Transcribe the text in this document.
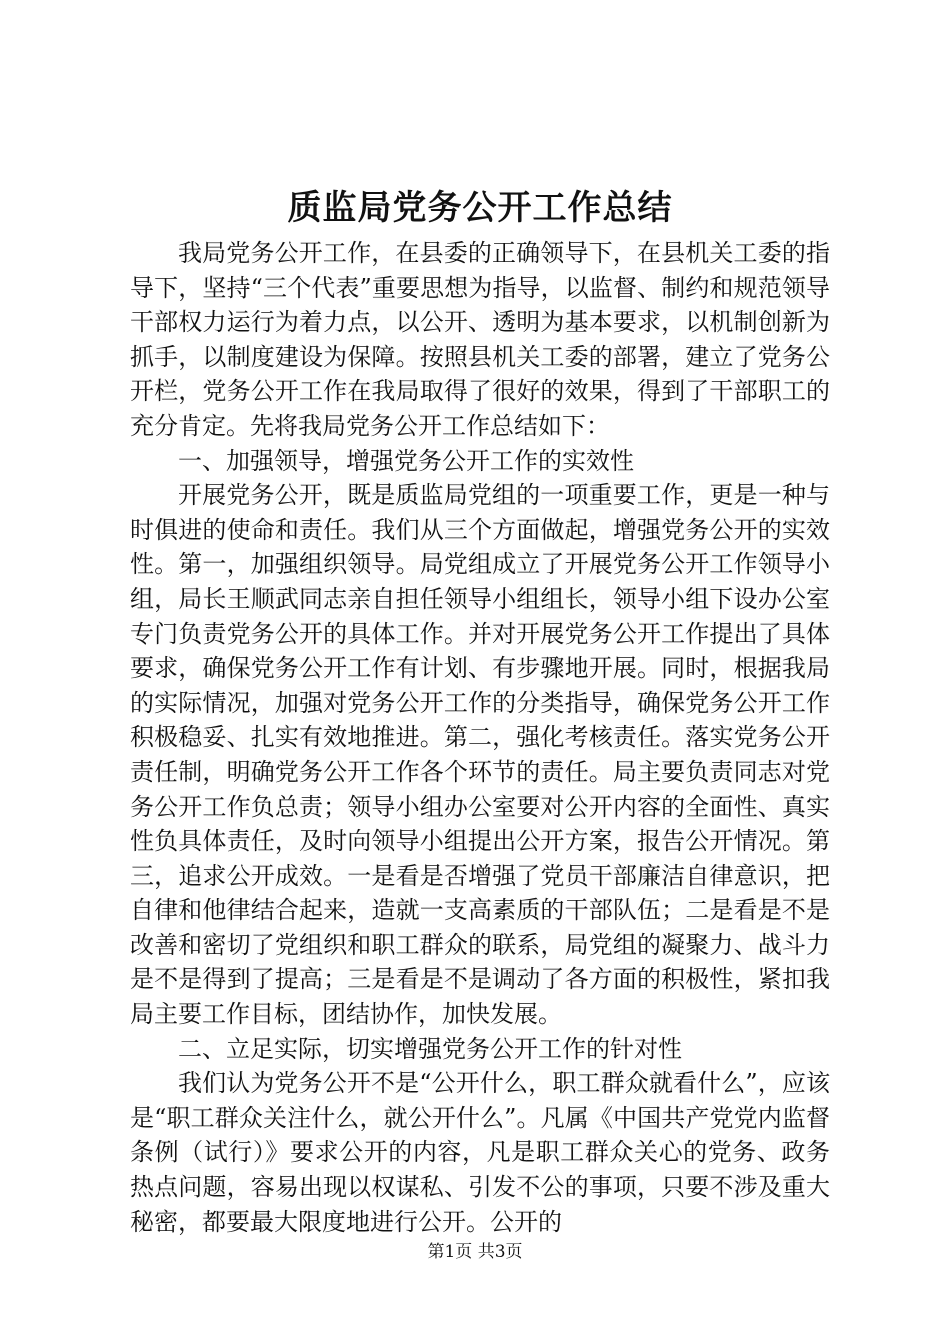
质监局党务公开工作总结

我局党务公开工作，在县委的正确领导下，在县机关工委的指导下，坚持“三个代表”重要思想为指导，以监督、制约和规范领导干部权力运行为着力点，以公开、透明为基本要求，以机制创新为抓手，以制度建设为保障。按照县机关工委的部署，建立了党务公开栏，党务公开工作在我局取得了很好的效果，得到了干部职工的充分肯定。先将我局党务公开工作总结如下：

一、加强领导，增强党务公开工作的实效性

开展党务公开，既是质监局党组的一项重要工作，更是一种与时俱进的使命和责任。我们从三个方面做起，增强党务公开的实效性。第一，加强组织领导。局党组成立了开展党务公开工作领导小组，局长王顺武同志亲自担任领导小组组长，领导小组下设办公室专门负责党务公开的具体工作。并对开展党务公开工作提出了具体要求，确保党务公开工作有计划、有步骤地开展。同时，根据我局的实际情况，加强对党务公开工作的分类指导，确保党务公开工作积极稳妥、扎实有效地推进。第二，强化考核责任。落实党务公开责任制，明确党务公开工作各个环节的责任。局主要负责同志对党务公开工作负总责；领导小组办公室要对公开内容的全面性、真实性负具体责任，及时向领导小组提出公开方案，报告公开情况。第三，追求公开成效。一是看是否增强了党员干部廉洁自律意识，把自律和他律结合起来，造就一支高素质的干部队伍；二是看是不是改善和密切了党组织和职工群众的联系，局党组的凝聚力、战斗力是不是得到了提高；三是看是不是调动了各方面的积极性，紧扣我局主要工作目标，团结协作，加快发展。

二、立足实际，切实增强党务公开工作的针对性

我们认为党务公开不是“公开什么，职工群众就看什么”，应该是“职工群众关注什么，就公开什么”。凡属《中国共产党党内监督条例（试行）》要求公开的内容，凡是职工群众关心的党务、政务热点问题，容易出现以权谋私、引发不公的事项，只要不涉及重大秘密，都要最大限度地进行公开。公开的

第1页 共3页
